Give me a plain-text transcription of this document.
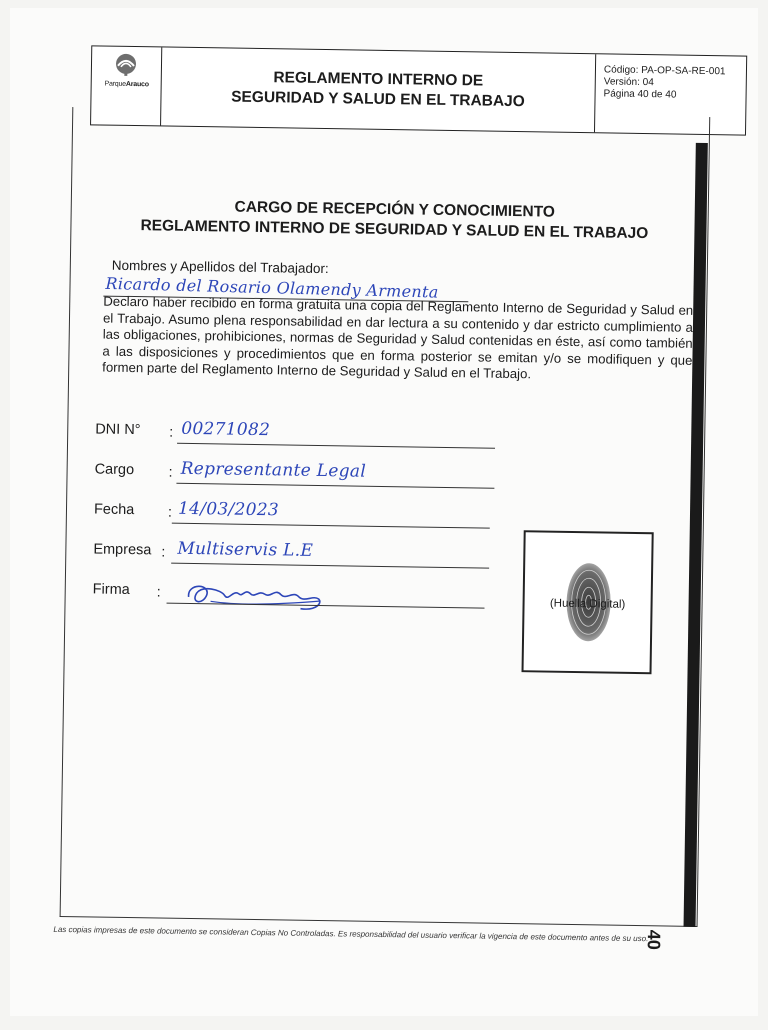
ParqueArauco	REGLAMENTO INTERNO DE
SEGURIDAD Y SALUD EN EL TRABAJO
Código: PA-OP-SA-RE-001
Versión: 04
Página 40 de 40
CARGO DE RECEPCIÓN Y CONOCIMIENTO
REGLAMENTO INTERNO DE SEGURIDAD Y SALUD EN EL TRABAJO
Nombres y Apellidos del Trabajador:
Ricardo del Rosario Olamendy Armenta
Declaro haber recibido en forma gratuita una copia del Reglamento Interno de Seguridad y Salud en el Trabajo. Asumo plena responsabilidad en dar lectura a su contenido y dar estricto cumplimiento a las obligaciones, prohibiciones, normas de Seguridad y Salud contenidas en éste, así como también a las disposiciones y procedimientos que en forma posterior se emitan y/o se modifiquen y que formen parte del Reglamento Interno de Seguridad y Salud en el Trabajo.
DNI N° : 00271082
Cargo : Representante Legal
Fecha : 14/03/2023
Empresa : Multiservis L.E
Firma :
(Huella Digital)
Las copias impresas de este documento se consideran Copias No Controladas. Es responsabilidad del usuario verificar la vigencia de este documento antes de su uso.
40
